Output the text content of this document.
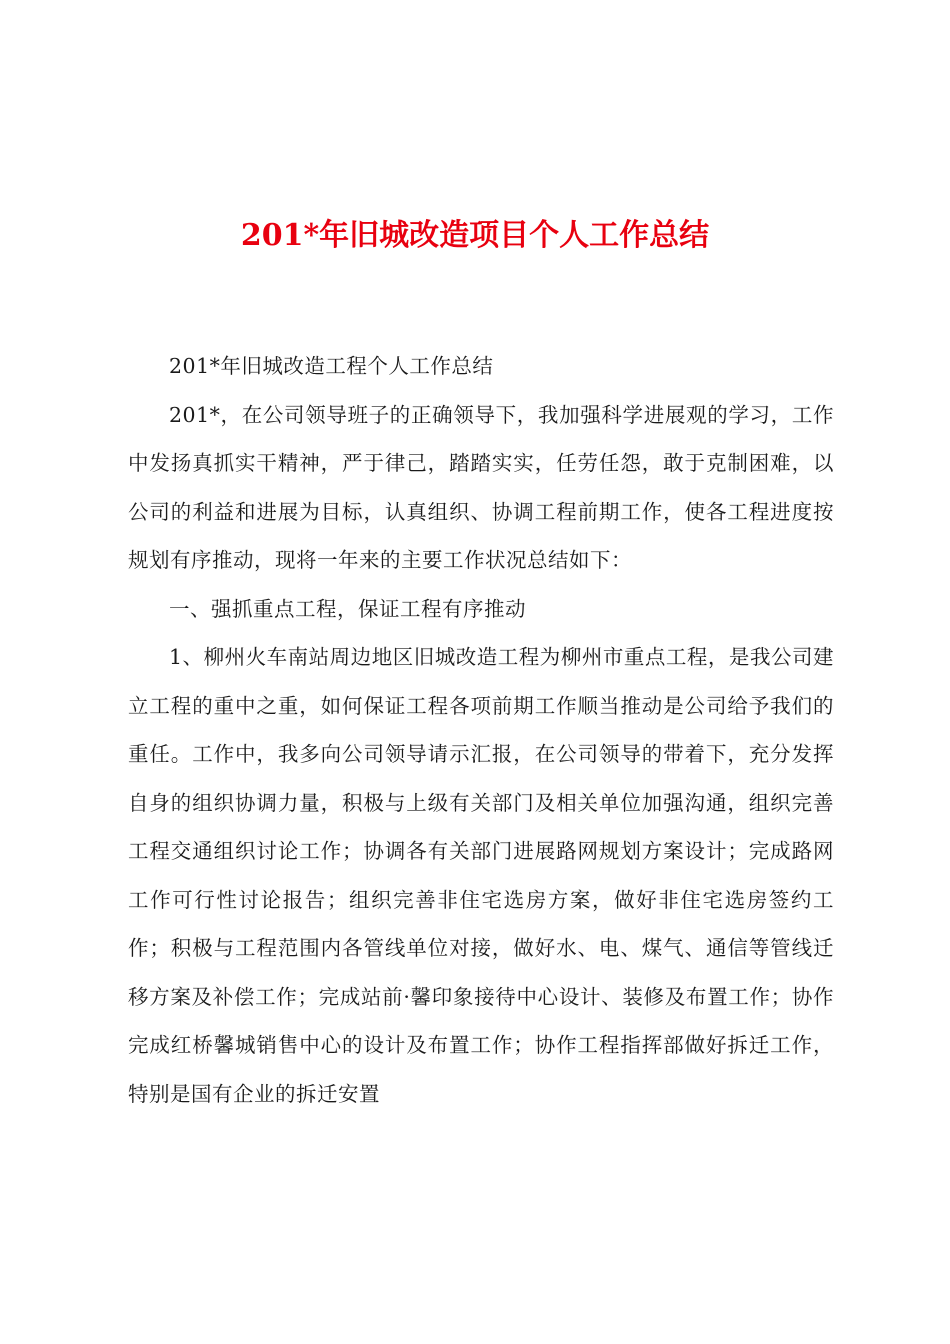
201*年旧城改造项目个人工作总结

201*年旧城改造工程个人工作总结

201*，在公司领导班子的正确领导下，我加强科学进展观的学习，工作中发扬真抓实干精神，严于律己，踏踏实实，任劳任怨，敢于克制困难，以公司的利益和进展为目标，认真组织、协调工程前期工作，使各工程进度按规划有序推动，现将一年来的主要工作状况总结如下：

一、强抓重点工程，保证工程有序推动

1、柳州火车南站周边地区旧城改造工程为柳州市重点工程，是我公司建立工程的重中之重，如何保证工程各项前期工作顺当推动是公司给予我们的重任。工作中，我多向公司领导请示汇报，在公司领导的带着下，充分发挥自身的组织协调力量，积极与上级有关部门及相关单位加强沟通，组织完善工程交通组织讨论工作；协调各有关部门进展路网规划方案设计；完成路网工作可行性讨论报告；组织完善非住宅选房方案，做好非住宅选房签约工作；积极与工程范围内各管线单位对接，做好水、电、煤气、通信等管线迁移方案及补偿工作；完成站前·馨印象接待中心设计、装修及布置工作；协作完成红桥馨城销售中心的设计及布置工作；协作工程指挥部做好拆迁工作，特别是国有企业的拆迁安置
